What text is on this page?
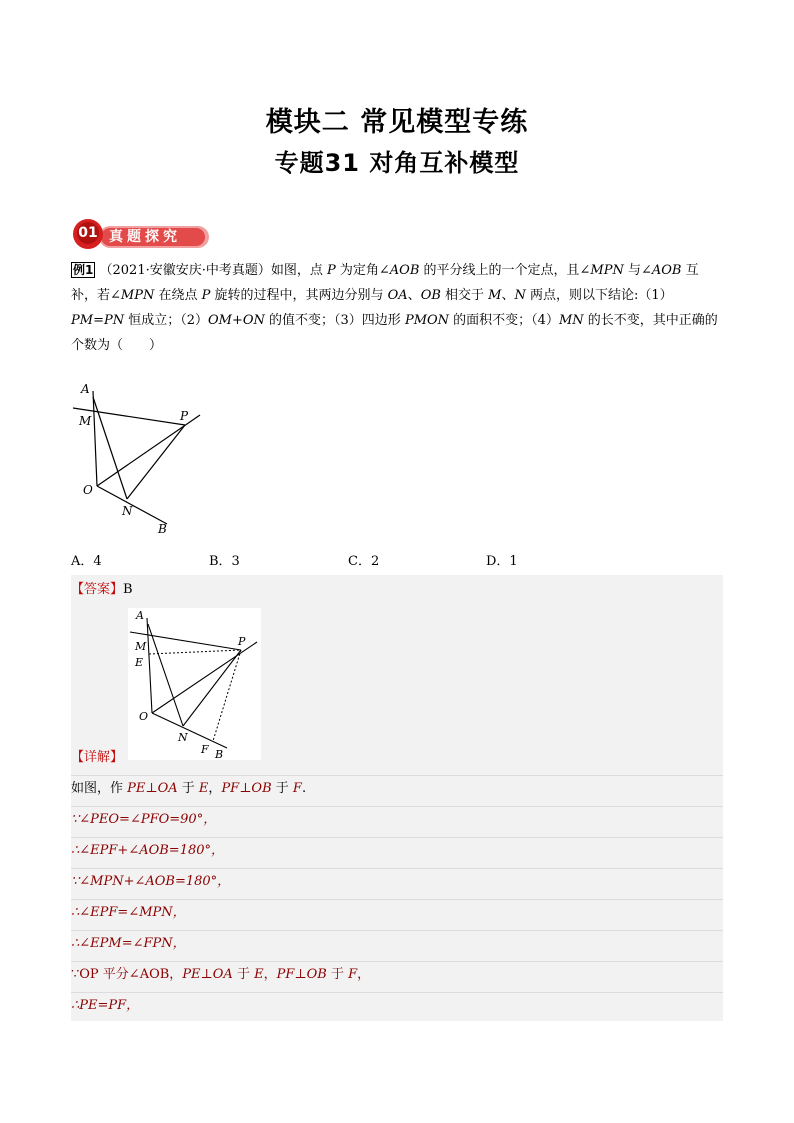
模块二 常见模型专练
专题31 对角互补模型
01 真题探究
例1 （2021·安徽安庆·中考真题）如图，点 P 为定角∠AOB 的平分线上的一个定点，且∠MPN 与∠AOB 互补，若∠MPN 在绕点 P 旋转的过程中，其两边分别与 OA、OB 相交于 M、N 两点，则以下结论:（1）PM=PN 恒成立；（2）OM+ON 的值不变；（3）四边形 PMON 的面积不变；（4）MN 的长不变，其中正确的个数为（　　）
A
M	P
O
N
B
A．4	B．3	C．2	D．1
【答案】B
A
M
E
P
O
N
F B
【详解】
如图，作 PE⊥OA 于 E，PF⊥OB 于 F.
∵∠PEO=∠PFO=90°，
∴∠EPF+∠AOB=180°，
∵∠MPN+∠AOB=180°，
∴∠EPF=∠MPN，
∴∠EPM=∠FPN，
∵OP 平分∠AOB，PE⊥OA 于 E，PF⊥OB 于 F，
∴PE=PF，
